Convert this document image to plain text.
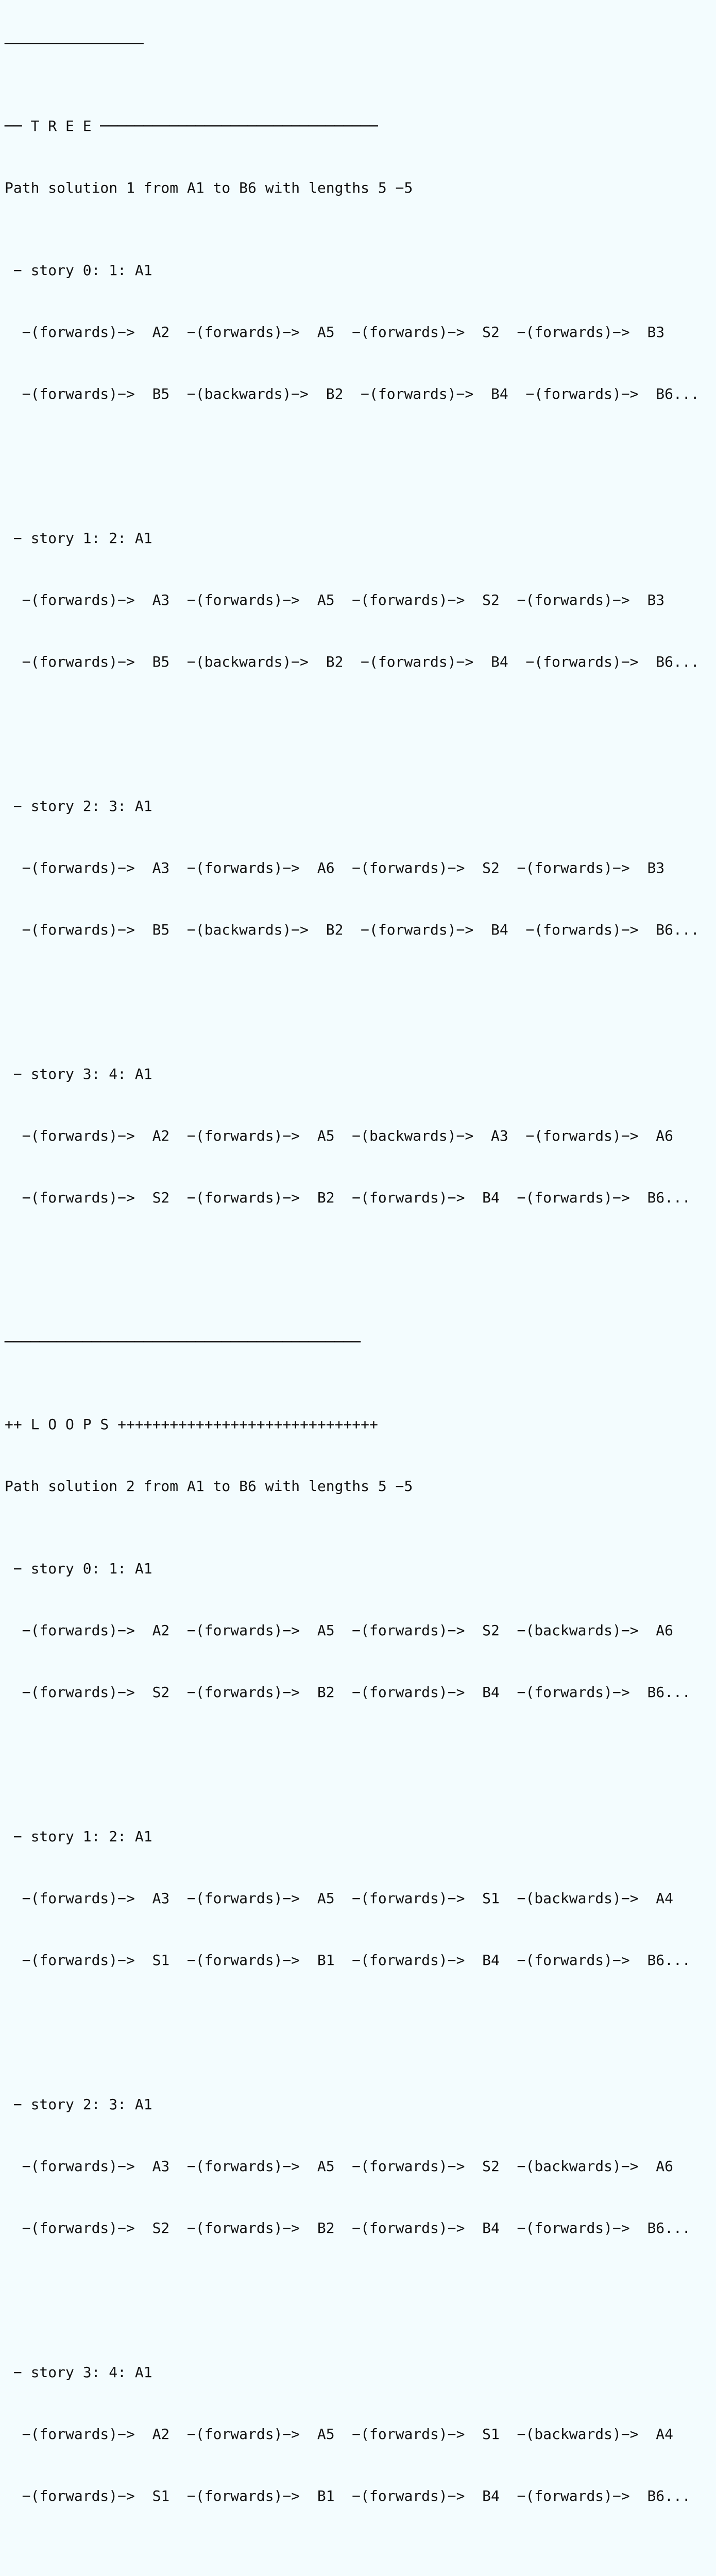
────────────────

── T R E E ────────────────────────────────

Path solution 1 from A1 to B6 with lengths 5 −5

− story 0: 1: A1

−(forwards)−>  A2  −(forwards)−>  A5  −(forwards)−>  S2  −(forwards)−>  B3

−(forwards)−>  B5  −(backwards)−>  B2  −(forwards)−>  B4  −(forwards)−>  B6...

− story 1: 2: A1

−(forwards)−>  A3  −(forwards)−>  A5  −(forwards)−>  S2  −(forwards)−>  B3

−(forwards)−>  B5  −(backwards)−>  B2  −(forwards)−>  B4  −(forwards)−>  B6...

− story 2: 3: A1

−(forwards)−>  A3  −(forwards)−>  A6  −(forwards)−>  S2  −(forwards)−>  B3

−(forwards)−>  B5  −(backwards)−>  B2  −(forwards)−>  B4  −(forwards)−>  B6...

− story 3: 4: A1

−(forwards)−>  A2  −(forwards)−>  A5  −(backwards)−>  A3  −(forwards)−>  A6

−(forwards)−>  S2  −(forwards)−>  B2  −(forwards)−>  B4  −(forwards)−>  B6...

─────────────────────────────────────────

++ L O O P S ++++++++++++++++++++++++++++++

Path solution 2 from A1 to B6 with lengths 5 −5

− story 0: 1: A1

−(forwards)−>  A2  −(forwards)−>  A5  −(forwards)−>  S2  −(backwards)−>  A6

−(forwards)−>  S2  −(forwards)−>  B2  −(forwards)−>  B4  −(forwards)−>  B6...

− story 1: 2: A1

−(forwards)−>  A3  −(forwards)−>  A5  −(forwards)−>  S1  −(backwards)−>  A4

−(forwards)−>  S1  −(forwards)−>  B1  −(forwards)−>  B4  −(forwards)−>  B6...

− story 2: 3: A1

−(forwards)−>  A3  −(forwards)−>  A5  −(forwards)−>  S2  −(backwards)−>  A6

−(forwards)−>  S2  −(forwards)−>  B2  −(forwards)−>  B4  −(forwards)−>  B6...

− story 3: 4: A1

−(forwards)−>  A2  −(forwards)−>  A5  −(forwards)−>  S1  −(backwards)−>  A4

−(forwards)−>  S1  −(forwards)−>  B1  −(forwards)−>  B4  −(forwards)−>  B6...
